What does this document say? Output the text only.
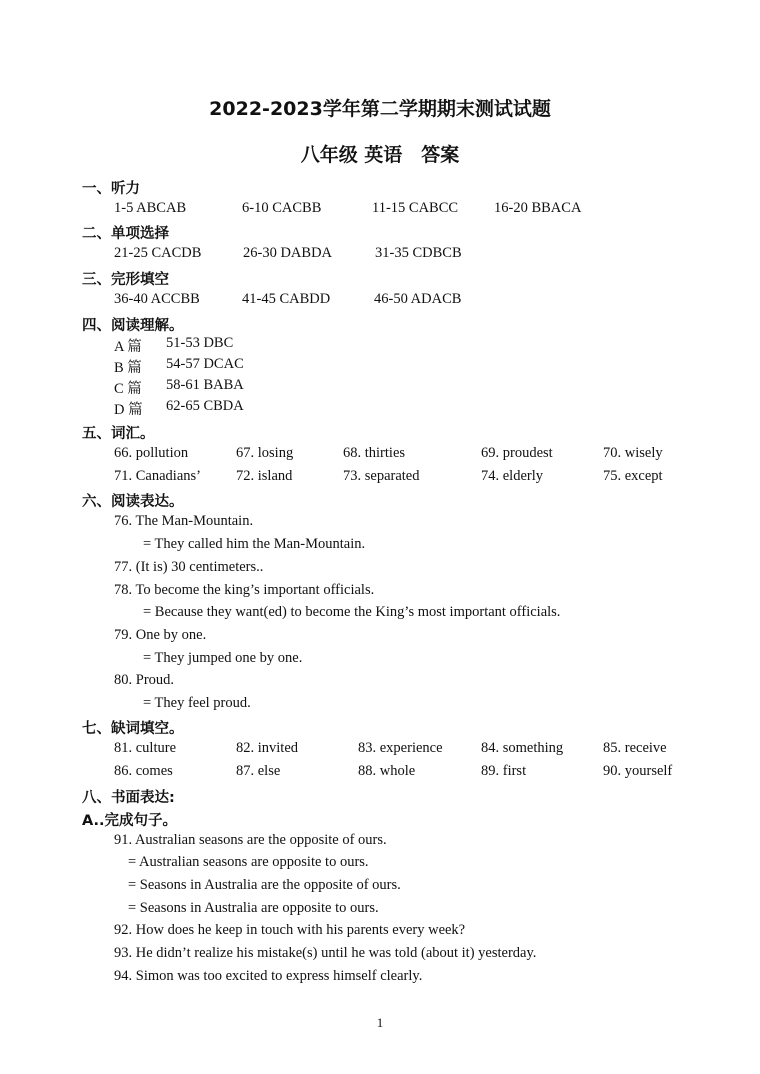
2022-2023学年第二学期期末测试试题
八年级 英语　答案
一、听力
1-5 ABCAB	6-10 CACBB	11-15 CABCC 16-20 BBACA
二、单项选择
21-25 CACDB	26-30 DABDA	31-35 CDBCB
三、完形填空
36-40 ACCBB	41-45 CABDD	46-50 ADACB
四、阅读理解。
A 篇 51-53 DBC
B 篇 54-57 DCAC
C 篇 58-61 BABA
D 篇 62-65 CBDA
五、词汇。
66. pollution	67. losing	68. thirties	69. proudest	70. wisely
71. Canadians’ 72. island	73. separated	74. elderly	75. except
六、阅读表达。
76. The Man-Mountain.
= They called him the Man-Mountain.
77. (It is) 30 centimeters..
78. To become the king’s important officials.
= Because they want(ed) to become the King’s most important officials.
79. One by one.
= They jumped one by one.
80. Proud.
= They feel proud.
七、缺词填空。
81. culture	82. invited	83. experience	84. something	85. receive
86. comes	87. else	88. whole	89. first	90. yourself
八、书面表达:
A..完成句子。
91. Australian seasons are the opposite of ours.
= Australian seasons are opposite to ours.
= Seasons in Australia are the opposite of ours.
= Seasons in Australia are opposite to ours.
92. How does he keep in touch with his parents every week?
93. He didn’t realize his mistake(s) until he was told (about it) yesterday.
94. Simon was too excited to express himself clearly.
1
